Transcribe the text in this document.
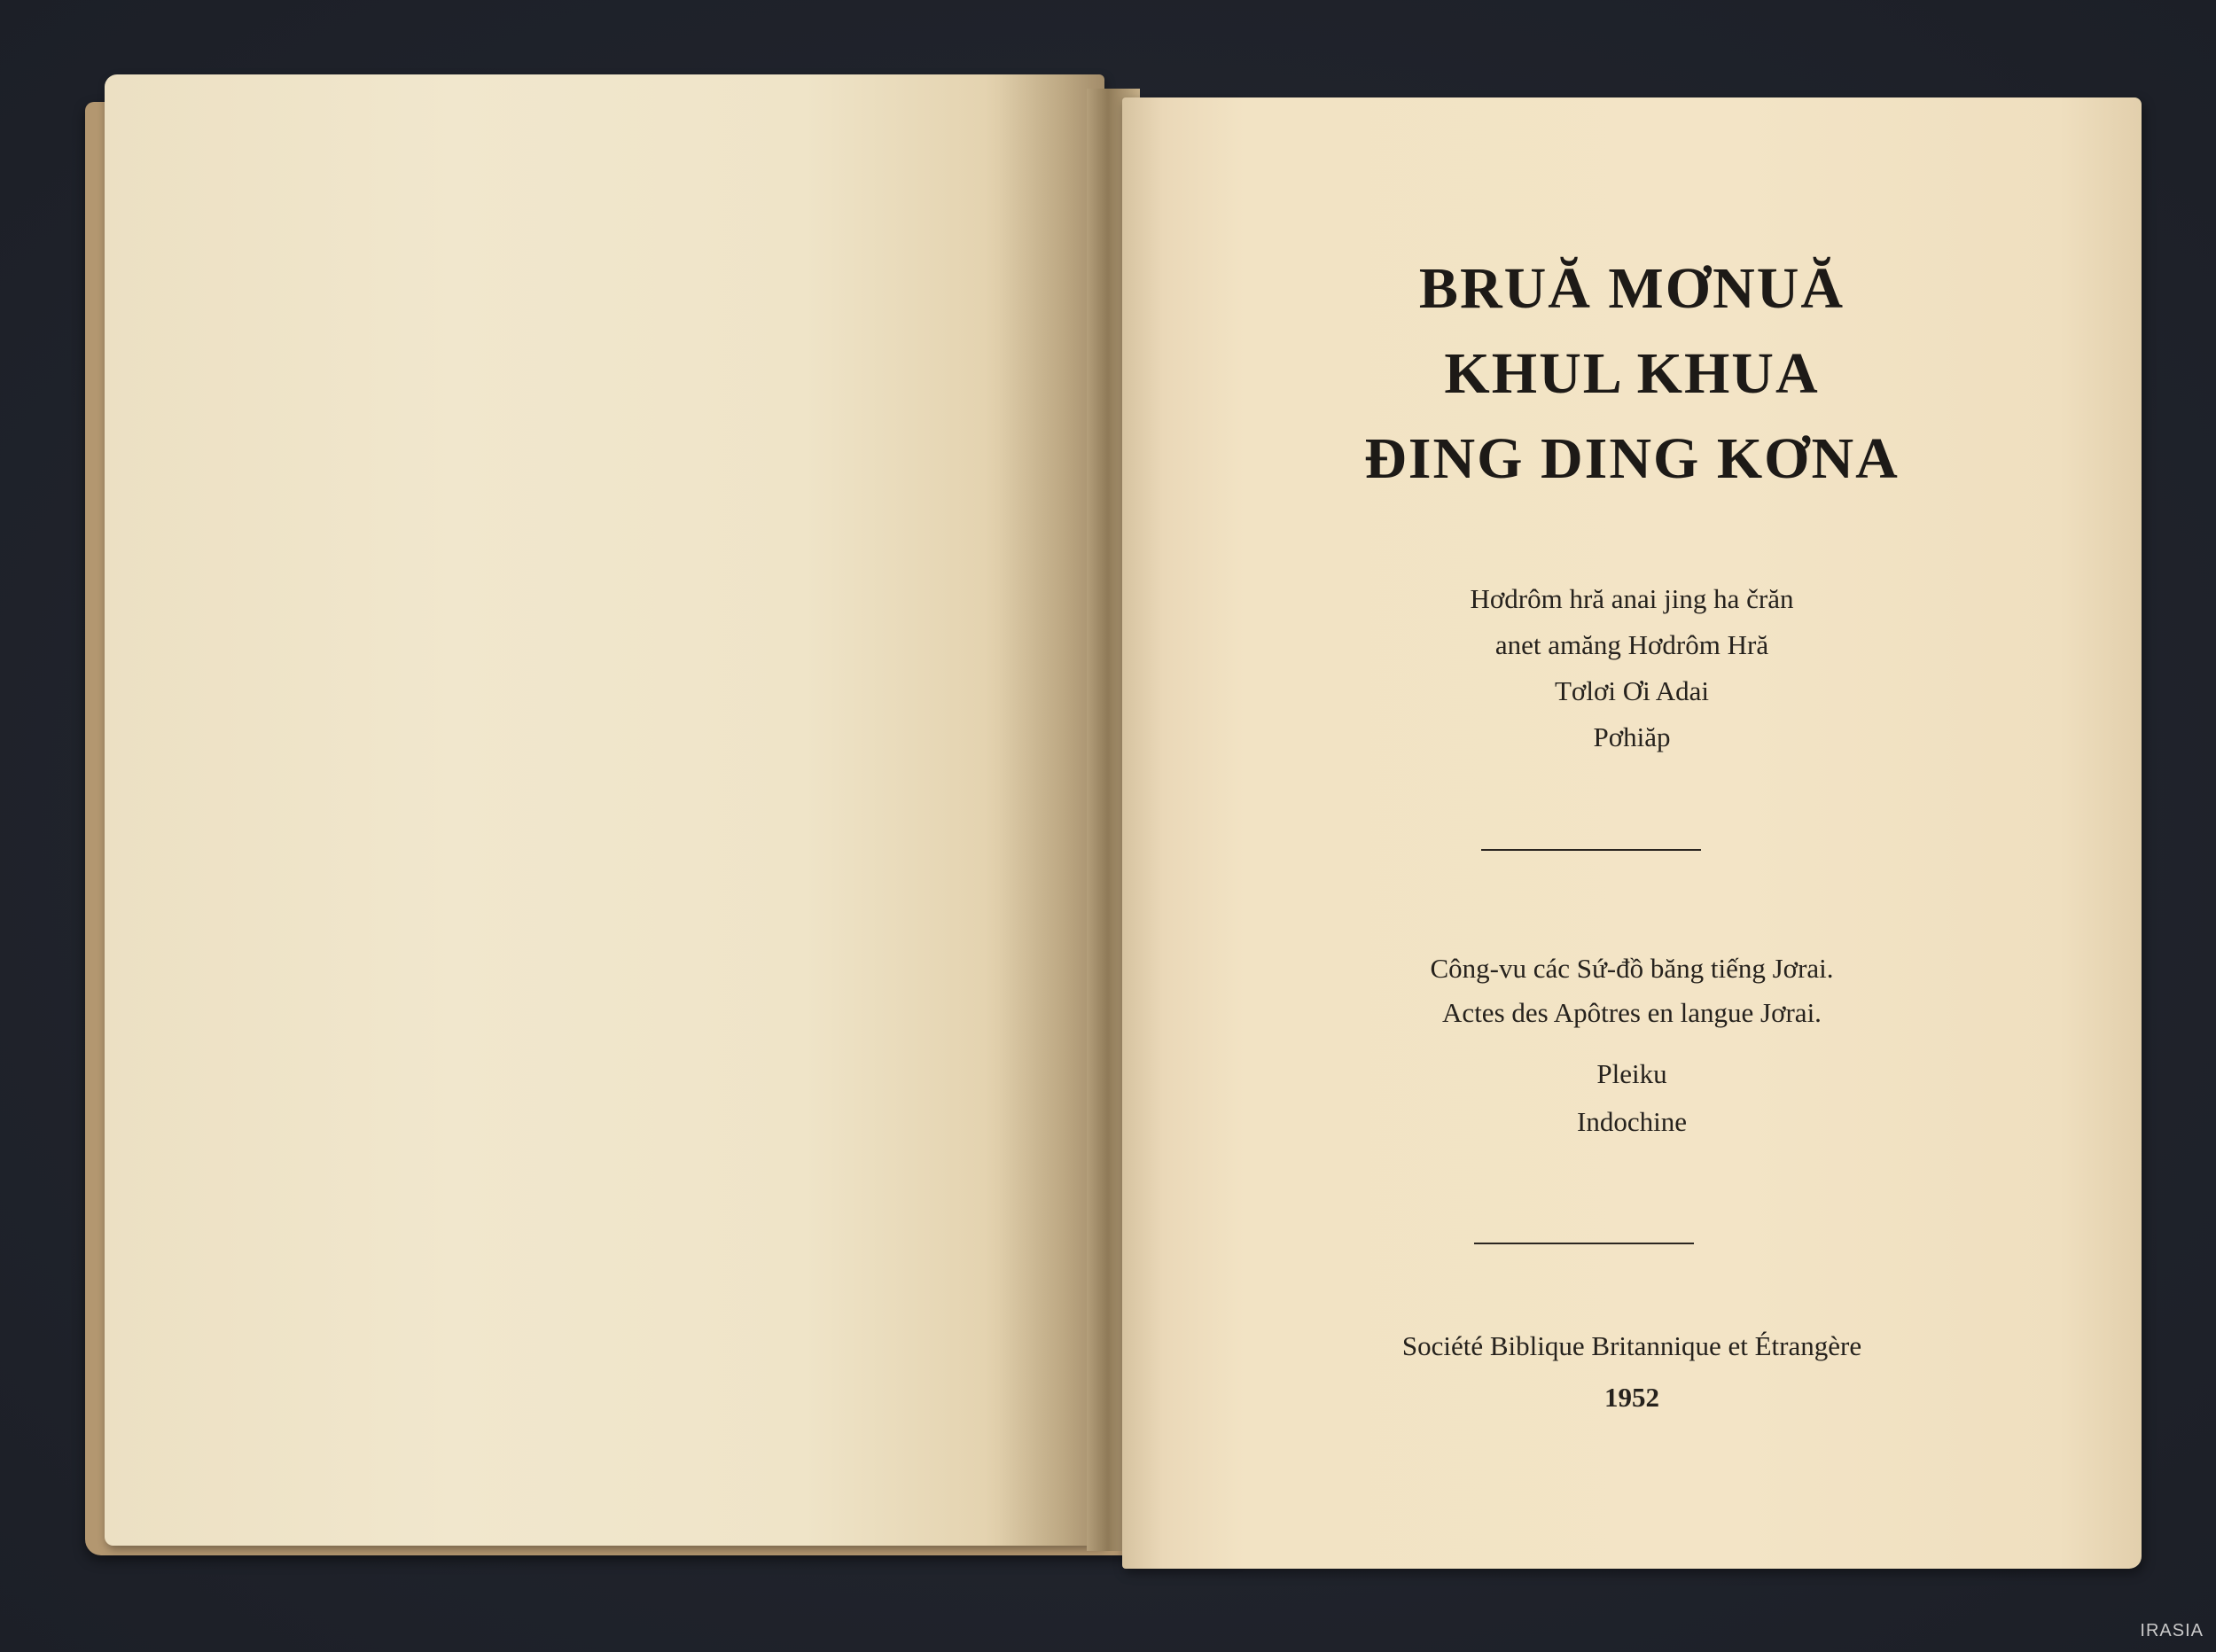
BRUĂ MƠNUĂ
KHUL KHUA
ĐING DING KƠNA
Hơdrôm hră anai jing ha črăn
anet amăng Hơdrôm Hră
Tơlơi Ơi Adai
Pơhiăp
Công-vu các Sứ-đồ băng tiếng Jơrai.
Actes des Apôtres en langue Jơrai.
Pleiku
Indochine
Société Biblique Britannique et Étrangère
1952
IRASIA
